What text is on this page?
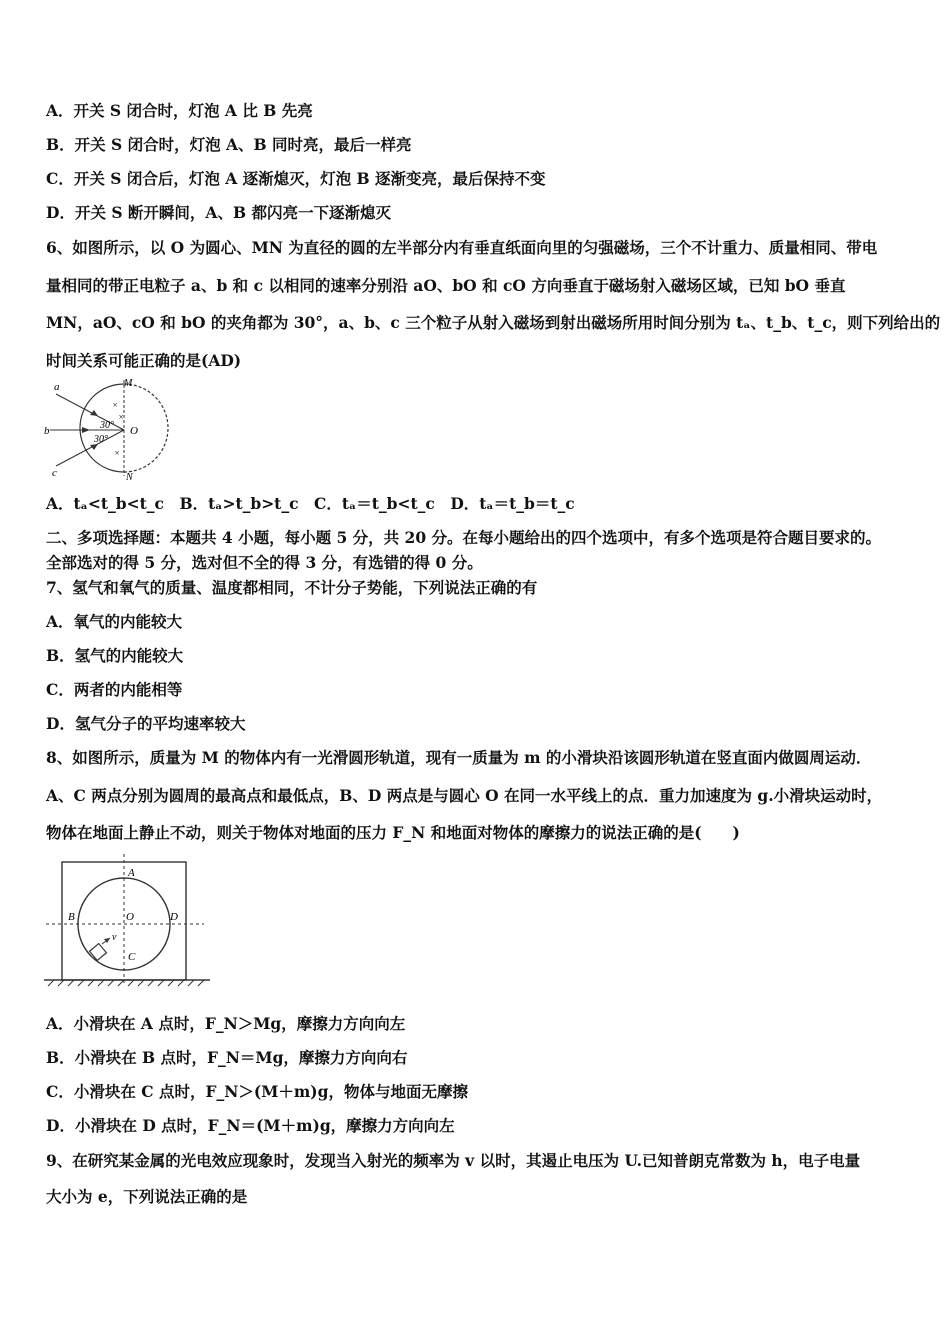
A．开关 S 闭合时，灯泡 A 比 B 先亮
B．开关 S 闭合时，灯泡 A、B 同时亮，最后一样亮
C．开关 S 闭合后，灯泡 A 逐渐熄灭，灯泡 B 逐渐变亮，最后保持不变
D．开关 S 断开瞬间，A、B 都闪亮一下逐渐熄灭
6、如图所示，以 O 为圆心、MN 为直径的圆的左半部分内有垂直纸面向里的匀强磁场，三个不计重力、质量相同、带电
量相同的带正电粒子 a、b 和 c 以相同的速率分别沿 aO、bO 和 cO 方向垂直于磁场射入磁场区域，已知 bO 垂直
MN，aO、cO 和 bO 的夹角都为 30°，a、b、c 三个粒子从射入磁场到射出磁场所用时间分别为 tₐ、t_b、t_c，则下列给出的
时间关系可能正确的是(AD)
a
b
c
M
N
O
30°
30°
×
×
×
A．tₐ<t_b<t_c　B．tₐ>t_b>t_c　C．tₐ＝t_b<t_c　D．tₐ＝t_b＝t_c
二、多项选择题：本题共 4 小题，每小题 5 分，共 20 分。在每小题给出的四个选项中，有多个选项是符合题目要求的。
全部选对的得 5 分，选对但不全的得 3 分，有选错的得 0 分。
7、氢气和氧气的质量、温度都相同，不计分子势能，下列说法正确的有
A．氧气的内能较大
B．氢气的内能较大
C．两者的内能相等
D．氢气分子的平均速率较大
8、如图所示，质量为 M 的物体内有一光滑圆形轨道，现有一质量为 m 的小滑块沿该圆形轨道在竖直面内做圆周运动．
A、C 两点分别为圆周的最高点和最低点，B、D 两点是与圆心 O 在同一水平线上的点．重力加速度为 g.小滑块运动时，
物体在地面上静止不动，则关于物体对地面的压力 F_N 和地面对物体的摩擦力的说法正确的是(　　)
A
B
C
D
O
v
A．小滑块在 A 点时，F_N＞Mg，摩擦力方向向左
B．小滑块在 B 点时，F_N＝Mg，摩擦力方向向右
C．小滑块在 C 点时，F_N＞(M＋m)g，物体与地面无摩擦
D．小滑块在 D 点时，F_N＝(M＋m)g，摩擦力方向向左
9、在研究某金属的光电效应现象时，发现当入射光的频率为 v 以时，其遏止电压为 U.已知普朗克常数为 h，电子电量
大小为 e，下列说法正确的是
